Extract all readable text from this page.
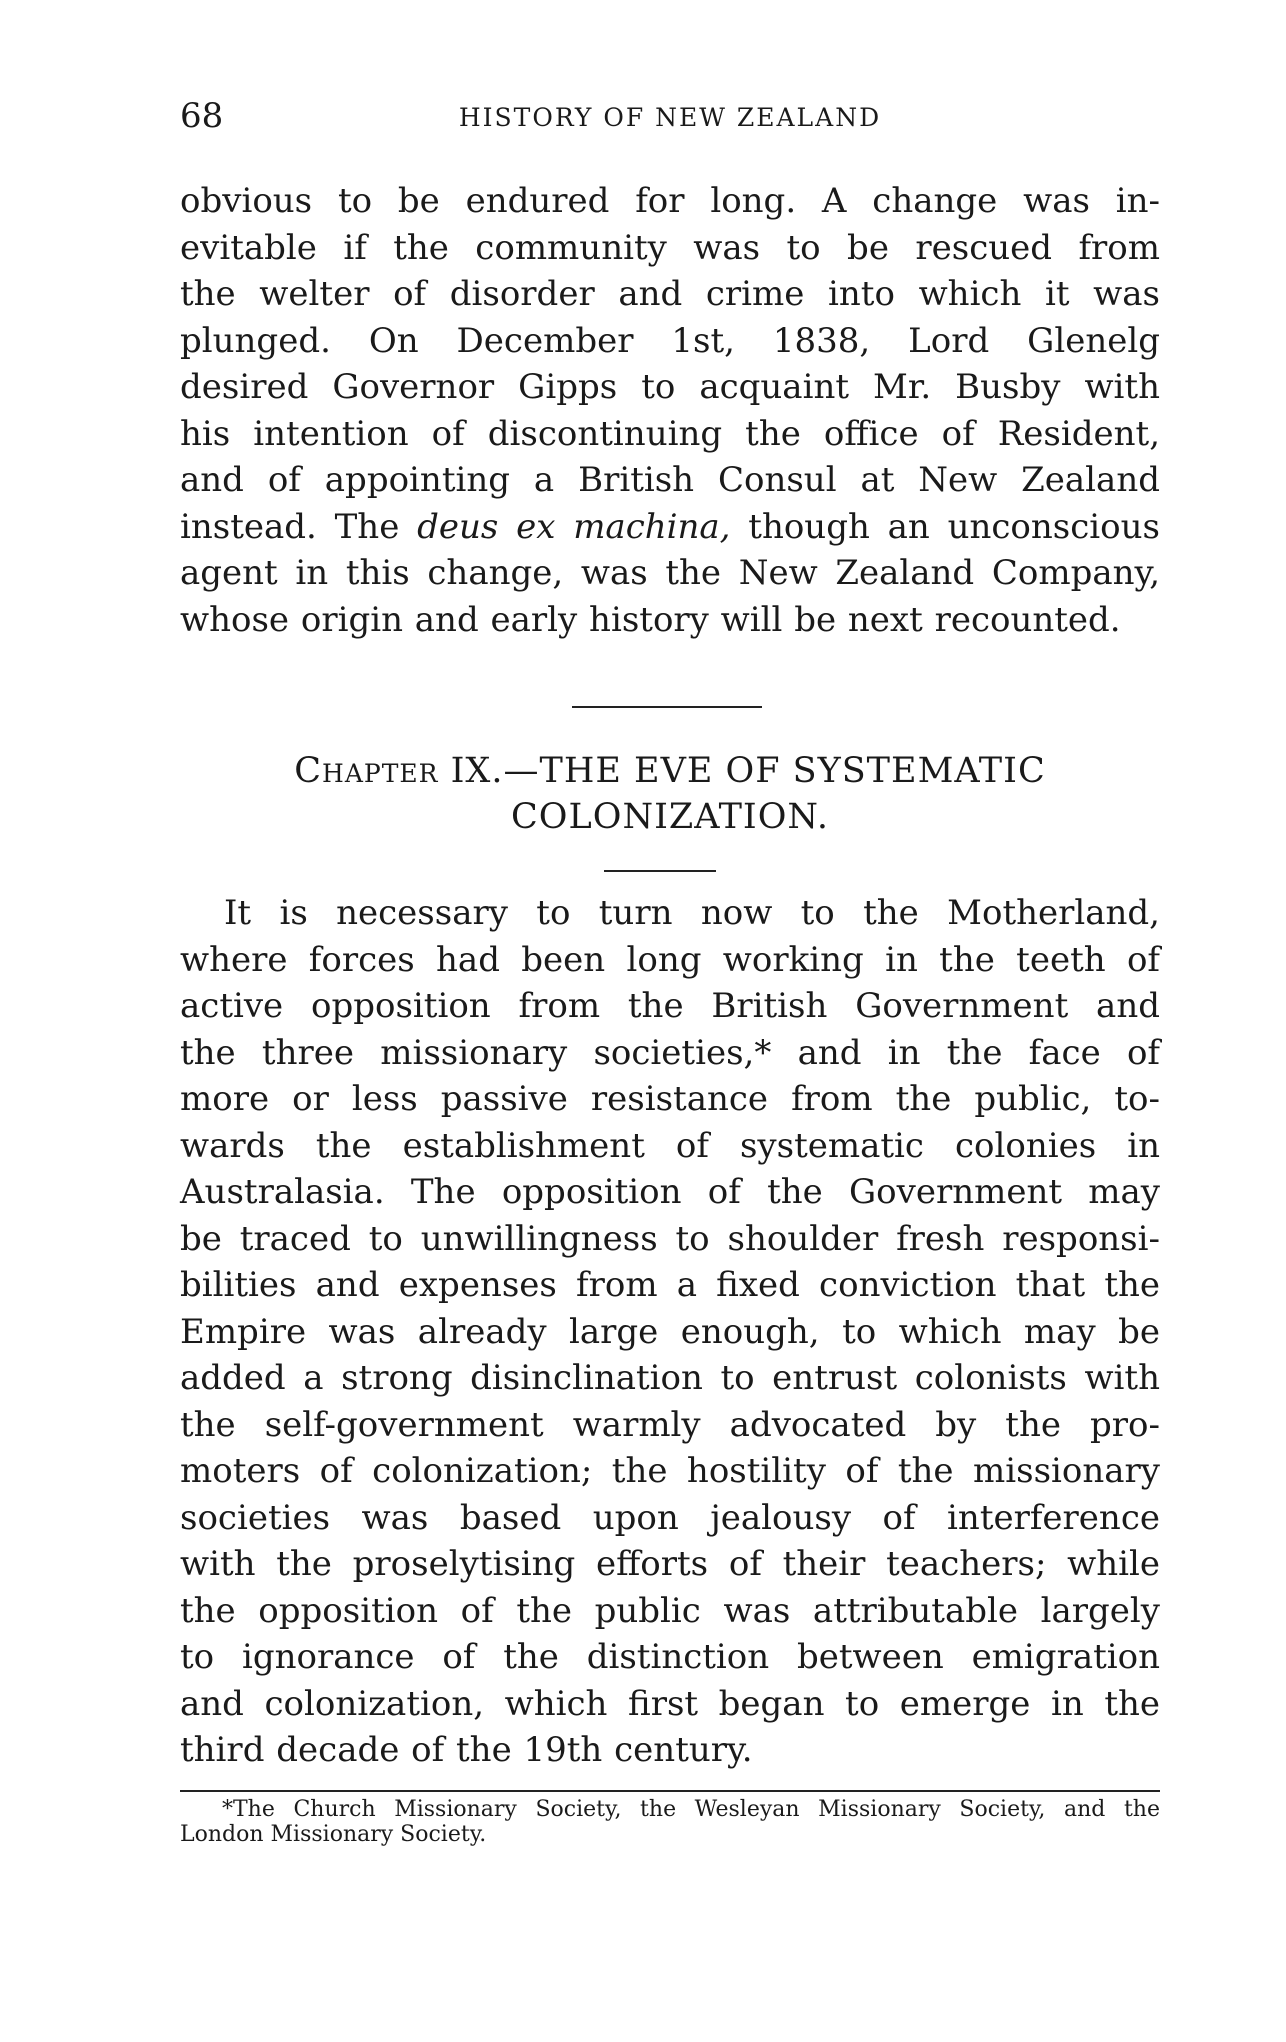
68	HISTORY OF NEW ZEALAND
obvious to be endured for long. A change was in-
evitable if the community was to be rescued from
the welter of disorder and crime into which it was
plunged. On December 1st, 1838, Lord Glenelg
desired Governor Gipps to acquaint Mr. Busby with
his intention of discontinuing the office of Resident,
and of appointing a British Consul at New Zealand
instead. The deus ex machina, though an unconscious
agent in this change, was the New Zealand Company,
whose origin and early history will be next recounted.
Chapter IX.—THE EVE OF SYSTEMATIC
COLONIZATION.
It is necessary to turn now to the Motherland,
where forces had been long working in the teeth of
active opposition from the British Government and
the three missionary societies,* and in the face of
more or less passive resistance from the public, to-
wards the establishment of systematic colonies in
Australasia. The opposition of the Government may
be traced to unwillingness to shoulder fresh responsi-
bilities and expenses from a fixed conviction that the
Empire was already large enough, to which may be
added a strong disinclination to entrust colonists with
the self-government warmly advocated by the pro-
moters of colonization; the hostility of the missionary
societies was based upon jealousy of interference
with the proselytising efforts of their teachers; while
the opposition of the public was attributable largely
to ignorance of the distinction between emigration
and colonization, which first began to emerge in the
third decade of the 19th century.
*The Church Missionary Society, the Wesleyan Missionary Society, and the
London Missionary Society.
